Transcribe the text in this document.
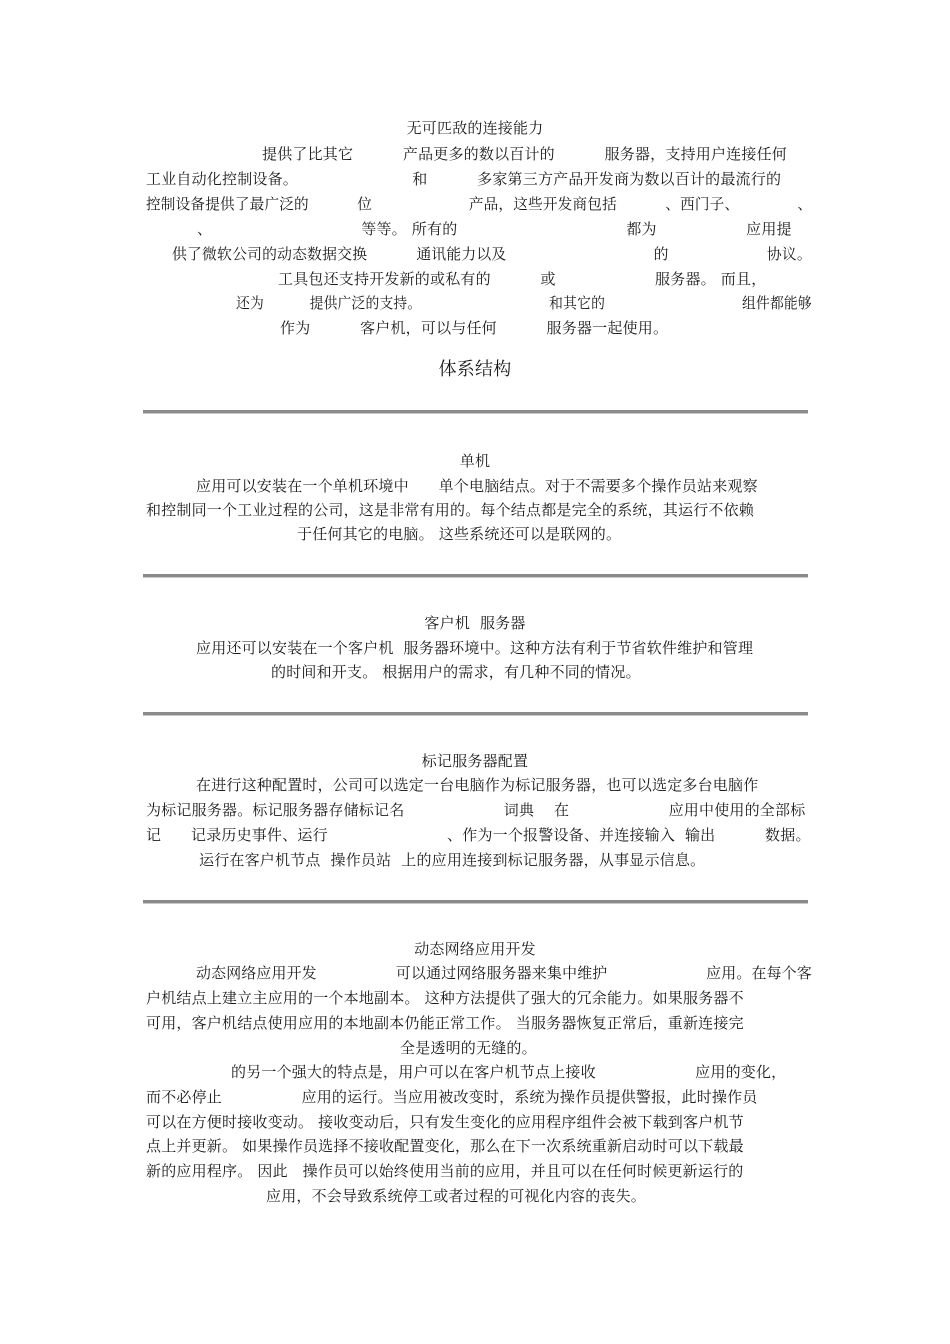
无可匹敌的连接能力
提供了比其它          产品更多的数以百计的          服务器，支持用户连接任何
工业自动化控制设备。                       和          多家第三方产品开发商为数以百计的最流行的
控制设备提供了最广泛的          位                    产品，这些开发商包括          、西门子、            、
、                              等等。 所有的                                  都为                  应用提
供了微软公司的动态数据交换          通讯能力以及                              的                    协议。
工具包还支持开发新的或私有的          或                    服务器。 而且，
还为          提供广泛的支持。                            和其它的                              组件都能够
作为          客户机，可以与任何          服务器一起使用。
体系结构
单机
应用可以安装在一个单机环境中      单个电脑结点。对于不需要多个操作员站来观察
和控制同一个工业过程的公司，这是非常有用的。每个结点都是完全的系统，其运行不依赖
于任何其它的电脑。 这些系统还可以是联网的。
客户机  服务器
应用还可以安装在一个客户机  服务器环境中。这种方法有利于节省软件维护和管理
的时间和开支。 根据用户的需求，有几种不同的情况。
标记服务器配置
在进行这种配置时，公司可以选定一台电脑作为标记服务器，也可以选定多台电脑作
为标记服务器。标记服务器存储标记名                    词典    在                    应用中使用的全部标
记      记录历史事件、运行                        、作为一个报警设备、并连接输入  输出          数据。
运行在客户机节点  操作员站  上的应用连接到标记服务器，从事显示信息。
动态网络应用开发
动态网络应用开发                可以通过网络服务器来集中维护                    应用。在每个客
户机结点上建立主应用的一个本地副本。 这种方法提供了强大的冗余能力。如果服务器不
可用，客户机结点使用应用的本地副本仍能正常工作。 当服务器恢复正常后，重新连接完
全是透明的无缝的。
的另一个强大的特点是，用户可以在客户机节点上接收                    应用的变化，
而不必停止                应用的运行。当应用被改变时，系统为操作员提供警报，此时操作员
可以在方便时接收变动。 接收变动后，只有发生变化的应用程序组件会被下载到客户机节
点上并更新。 如果操作员选择不接收配置变化，那么在下一次系统重新启动时可以下载最
新的应用程序。 因此   操作员可以始终使用当前的应用，并且可以在任何时候更新运行的
应用，不会导致系统停工或者过程的可视化内容的丧失。
